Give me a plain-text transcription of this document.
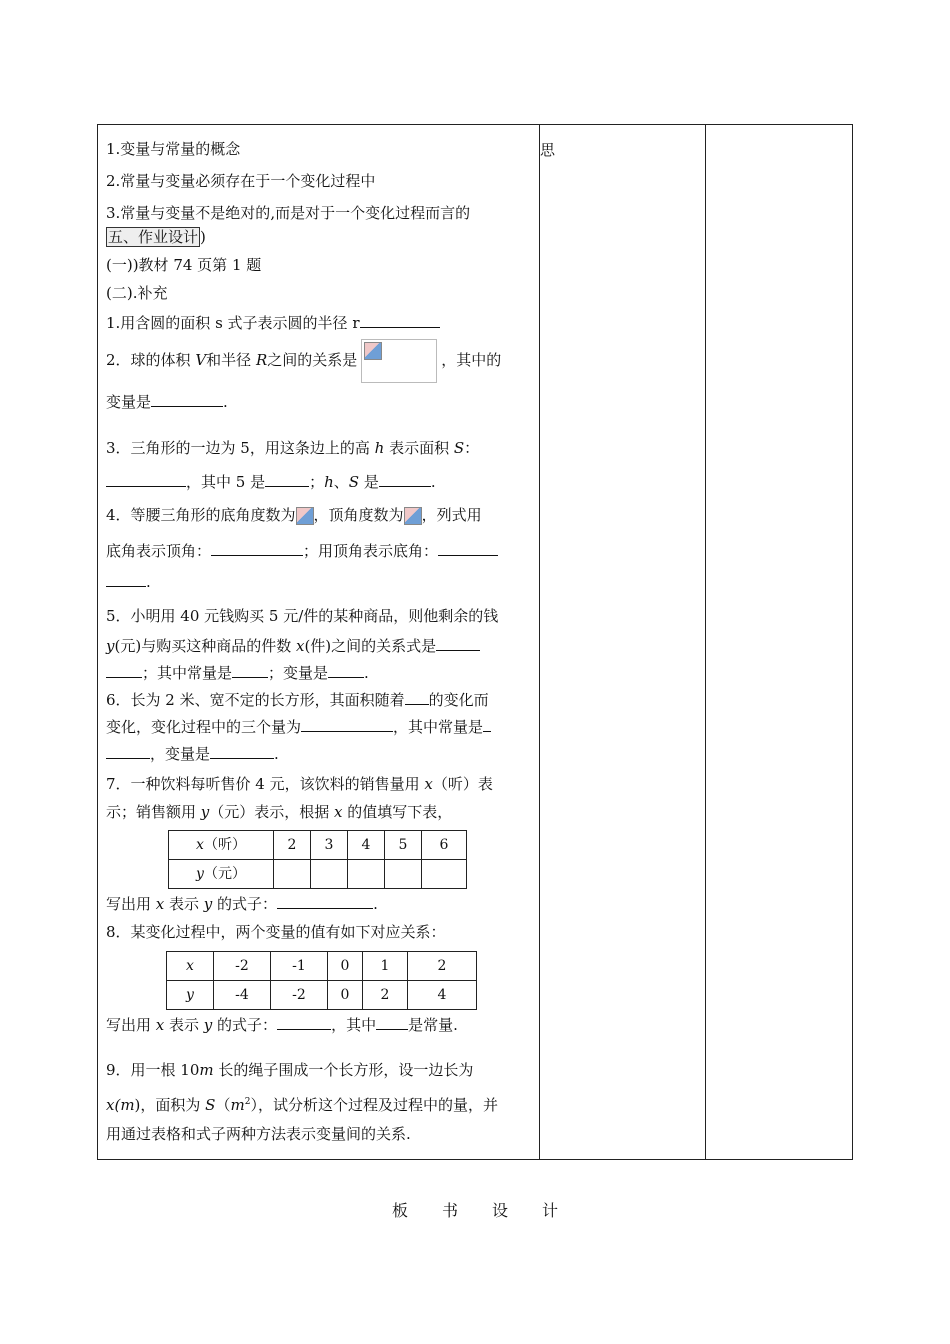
1.变量与常量的概念
2.常量与变量必须存在于一个变化过程中
3.常量与变量不是绝对的,而是对于一个变化过程而言的
五、作业设计 )
(一))教材 74 页第 1 题
(二).补充
1.用含圆的面积 s 式子表示圆的半径 r
2．球的体积 V和半径 R之间的关系是	，其中的
变量是	.
3．三角形的一边为 5，用这条边上的高 h 表示面积 S：
，其中 5 是	；h、S 是	.
4．等腰三角形的底角度数为 ，顶角度数为 ，列式用
底角表示顶角：	；用顶角表示底角：
.
5．小明用 40 元钱购买 5 元/件的某种商品，则他剩余的钱
y(元)与购买这种商品的件数 x(件)之间的关系式是
；其中常量是 ；变量是 .
6．长为 2 米、宽不定的长方形，其面积随着 的变化而
变化，变化过程中的三个量为	，其中常量是
，变量是	.
7．一种饮料每听售价 4 元，该饮料的销售量用 x（听）表
示；销售额用 y（元）表示，根据 x 的值填写下表，
x（听）	2	3	4	5	6
y（元）					
写出用 x 表示 y 的式子：	.
8．某变化过程中，两个变量的值有如下对应关系：
x	-2	-1	0	1	2
y	-4	-2	0	2	4
写出用 x 表示 y 的式子：	，其中 是常量.
9．用一根 10m 长的绳子围成一个长方形，设一边长为
x(m)，面积为 $S(m^2)$，试分析这个过程及过程中的量，并
用通过表格和式子两种方法表示变量间的关系.
思
板 书 设 计
